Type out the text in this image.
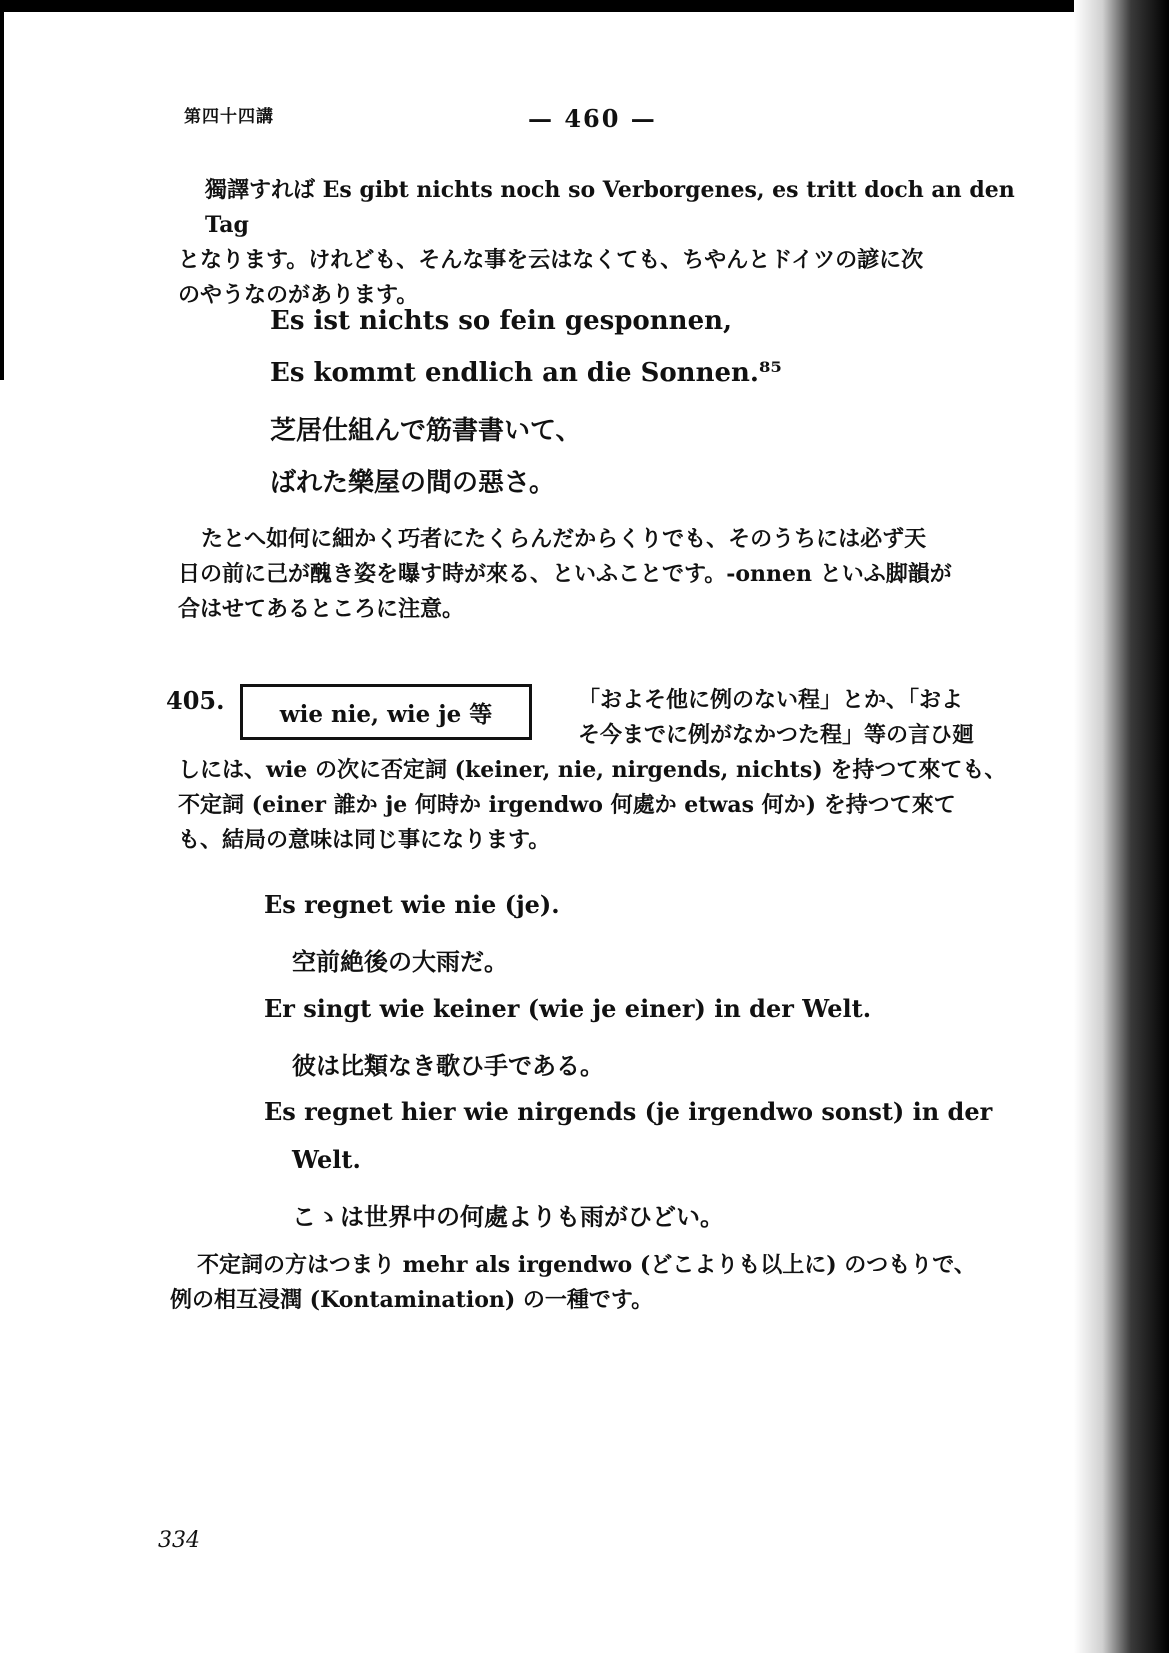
第四十四講	— 460 —
獨譯すれば Es gibt nichts noch so Verborgenes, es tritt doch an den Tag
となります。けれども、そんな事を云はなくても、ちやんとドイツの諺に次
のやうなのがあります。
Es ist nichts so fein gesponnen,
Es kommt endlich an die Sonnen.⁸⁵
芝居仕組んで筋書書いて、
ばれた樂屋の間の惡さ。
たとへ如何に細かく巧者にたくらんだからくりでも、そのうちには必ず天
日の前に己が醜き姿を曝す時が來る、といふことです。-onnen といふ脚韻が
合はせてあるところに注意。
405. wie nie, wie je 等
「およそ他に例のない程」とか、「およ
そ今までに例がなかつた程」等の言ひ廻
しには、wie の次に否定詞 (keiner, nie, nirgends, nichts) を持つて來ても、
不定詞 (einer 誰か je 何時か irgendwo 何處か etwas 何か) を持つて來て
も、結局の意味は同じ事になります。
Es regnet wie nie (je).
空前絶後の大雨だ。
Er singt wie keiner (wie je einer) in der Welt.
彼は比類なき歌ひ手である。
Es regnet hier wie nirgends (je irgendwo sonst) in der
Welt.
こゝは世界中の何處よりも雨がひどい。
不定詞の方はつまり mehr als irgendwo (どこよりも以上に) のつもりで、
例の相互浸潤 (Kontamination) の一種です。
334
